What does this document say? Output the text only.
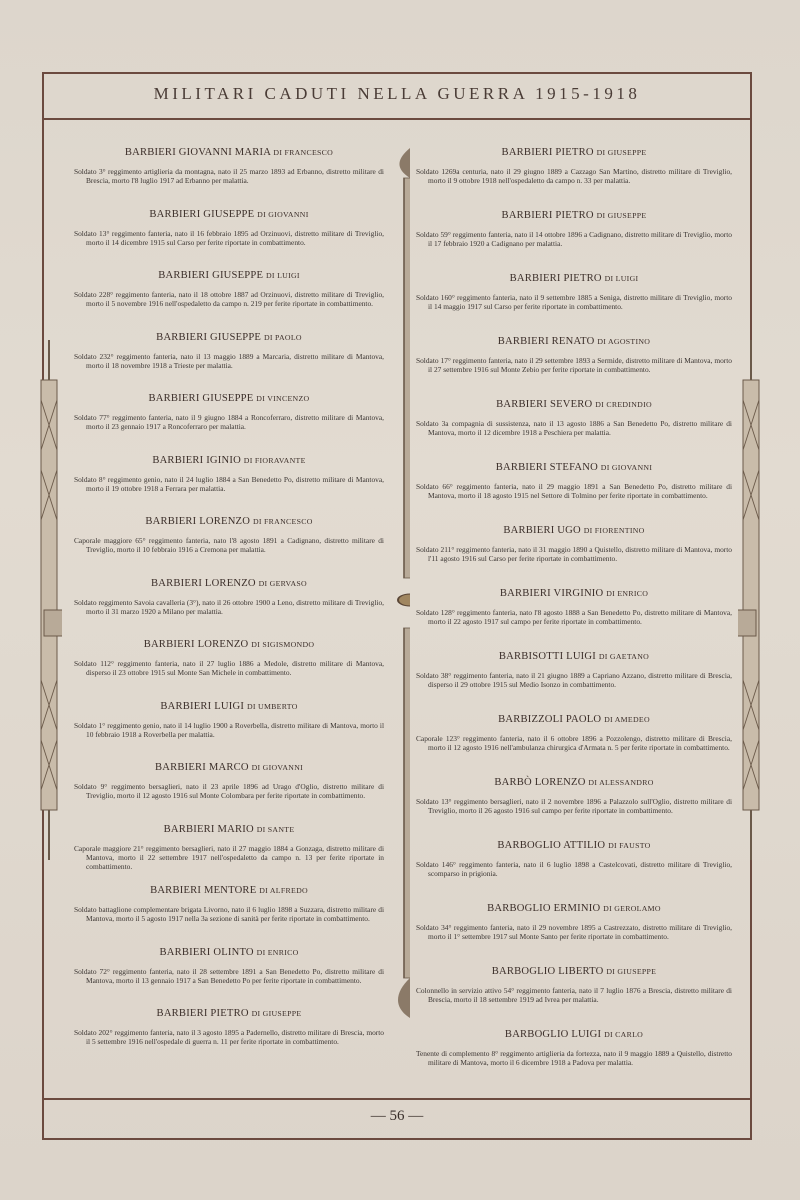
MILITARI CADUTI NELLA GUERRA 1915-1918
BARBIERI GIOVANNI MARIA DI FRANCESCO
Soldato 3° reggimento artiglieria da montagna, nato il 25 marzo 1893 ad Erbanno, distretto militare di Brescia, morto l'8 luglio 1917 ad Erbanno per malattia.
BARBIERI GIUSEPPE DI GIOVANNI
Soldato 13° reggimento fanteria, nato il 16 febbraio 1895 ad Orzinuovi, distretto militare di Treviglio, morto il 14 dicembre 1915 sul Carso per ferite riportate in combattimento.
BARBIERI GIUSEPPE DI LUIGI
Soldato 228° reggimento fanteria, nato il 18 ottobre 1887 ad Orzinuovi, distretto militare di Treviglio, morto il 5 novembre 1916 nell'ospedaletto da campo n. 219 per ferite riportate in combattimento.
BARBIERI GIUSEPPE DI PAOLO
Soldato 232° reggimento fanteria, nato il 13 maggio 1889 a Marcaria, distretto militare di Mantova, morto il 18 novembre 1918 a Trieste per malattia.
BARBIERI GIUSEPPE DI VINCENZO
Soldato 77° reggimento fanteria, nato il 9 giugno 1884 a Roncoferraro, distretto militare di Mantova, morto il 23 gennaio 1917 a Roncoferraro per malattia.
BARBIERI IGINIO DI FIORAVANTE
Soldato 8° reggimento genio, nato il 24 luglio 1884 a San Benedetto Po, distretto militare di Mantova, morto il 19 ottobre 1918 a Ferrara per malattia.
BARBIERI LORENZO DI FRANCESCO
Caporale maggiore 65° reggimento fanteria, nato l'8 agosto 1891 a Cadignano, distretto militare di Treviglio, morto il 10 febbraio 1916 a Cremona per malattia.
BARBIERI LORENZO DI GERVASO
Soldato reggimento Savoia cavalleria (3°), nato il 26 ottobre 1900 a Leno, distretto militare di Treviglio, morto il 31 marzo 1920 a Milano per malattia.
BARBIERI LORENZO DI SIGISMONDO
Soldato 112° reggimento fanteria, nato il 27 luglio 1886 a Medole, distretto militare di Mantova, disperso il 23 ottobre 1915 sul Monte San Michele in combattimento.
BARBIERI LUIGI DI UMBERTO
Soldato 1° reggimento genio, nato il 14 luglio 1900 a Roverbella, distretto militare di Mantova, morto il 10 febbraio 1918 a Roverbella per malattia.
BARBIERI MARCO DI GIOVANNI
Soldato 9° reggimento bersaglieri, nato il 23 aprile 1896 ad Urago d'Oglio, distretto militare di Treviglio, morto il 12 agosto 1916 sul Monte Colombara per ferite riportate in combattimento.
BARBIERI MARIO DI SANTE
Caporale maggiore 21° reggimento bersaglieri, nato il 27 maggio 1884 a Gonzaga, distretto militare di Mantova, morto il 22 settembre 1917 nell'ospedaletto da campo n. 13 per ferite riportate in combattimento.
BARBIERI MENTORE DI ALFREDO
Soldato battaglione complementare brigata Livorno, nato il 6 luglio 1898 a Suzzara, distretto militare di Mantova, morto il 5 agosto 1917 nella 3a sezione di sanità per ferite riportate in combattimento.
BARBIERI OLINTO DI ENRICO
Soldato 72° reggimento fanteria, nato il 28 settembre 1891 a San Benedetto Po, distretto militare di Mantova, morto il 13 gennaio 1917 a San Benedetto Po per ferite riportate in combattimento.
BARBIERI PIETRO DI GIUSEPPE
Soldato 202° reggimento fanteria, nato il 3 agosto 1895 a Padernello, distretto militare di Brescia, morto il 5 settembre 1916 nell'ospedale di guerra n. 11 per ferite riportate in combattimento.
BARBIERI PIETRO DI GIUSEPPE
Soldato 1269a centuria, nato il 29 giugno 1889 a Cazzago San Martino, distretto militare di Treviglio, morto il 9 ottobre 1918 nell'ospedaletto da campo n. 33 per malattia.
BARBIERI PIETRO DI GIUSEPPE
Soldato 59° reggimento fanteria, nato il 14 ottobre 1896 a Cadignano, distretto militare di Treviglio, morto il 17 febbraio 1920 a Cadignano per malattia.
BARBIERI PIETRO DI LUIGI
Soldato 160° reggimento fanteria, nato il 9 settembre 1885 a Seniga, distretto militare di Treviglio, morto il 14 maggio 1917 sul Carso per ferite riportate in combattimento.
BARBIERI RENATO DI AGOSTINO
Soldato 17° reggimento fanteria, nato il 29 settembre 1893 a Sermide, distretto militare di Mantova, morto il 27 settembre 1916 sul Monte Zebio per ferite riportate in combattimento.
BARBIERI SEVERO DI CREDINDIO
Soldato 3a compagnia di sussistenza, nato il 13 agosto 1886 a San Benedetto Po, distretto militare di Mantova, morto il 12 dicembre 1918 a Peschiera per malattia.
BARBIERI STEFANO DI GIOVANNI
Soldato 66° reggimento fanteria, nato il 29 maggio 1891 a San Benedetto Po, distretto militare di Mantova, morto il 18 agosto 1915 nel Settore di Tolmino per ferite riportate in combattimento.
BARBIERI UGO DI FIORENTINO
Soldato 211° reggimento fanteria, nato il 31 maggio 1890 a Quistello, distretto militare di Mantova, morto l'11 agosto 1916 sul Carso per ferite riportate in combattimento.
BARBIERI VIRGINIO DI ENRICO
Soldato 128° reggimento fanteria, nato l'8 agosto 1888 a San Benedetto Po, distretto militare di Mantova, morto il 22 agosto 1917 sul campo per ferite riportate in combattimento.
BARBISOTTI LUIGI DI GAETANO
Soldato 38° reggimento fanteria, nato il 21 giugno 1889 a Capriano Azzano, distretto militare di Brescia, disperso il 29 ottobre 1915 sul Medio Isonzo in combattimento.
BARBIZZOLI PAOLO DI AMEDEO
Caporale 123° reggimento fanteria, nato il 6 ottobre 1896 a Pozzolengo, distretto militare di Brescia, morto il 12 agosto 1916 nell'ambulanza chirurgica d'Armata n. 5 per ferite riportate in combattimento.
BARBÒ LORENZO DI ALESSANDRO
Soldato 13° reggimento bersaglieri, nato il 2 novembre 1896 a Palazzolo sull'Oglio, distretto militare di Treviglio, morto il 26 agosto 1916 sul campo per ferite riportate in combattimento.
BARBOGLIO ATTILIO DI FAUSTO
Soldato 146° reggimento fanteria, nato il 6 luglio 1898 a Castelcovati, distretto militare di Treviglio, scomparso in prigionia.
BARBOGLIO ERMINIO DI GEROLAMO
Soldato 34° reggimento fanteria, nato il 29 novembre 1895 a Castrezzato, distretto militare di Treviglio, morto il 1° settembre 1917 sul Monte Santo per ferite riportate in combattimento.
BARBOGLIO LIBERTO DI GIUSEPPE
Colonnello in servizio attivo 54° reggimento fanteria, nato il 7 luglio 1876 a Brescia, distretto militare di Brescia, morto il 18 settembre 1919 ad Ivrea per malattia.
BARBOGLIO LUIGI DI CARLO
Tenente di complemento 8° reggimento artiglieria da fortezza, nato il 9 maggio 1889 a Quistello, distretto militare di Mantova, morto il 6 dicembre 1918 a Padova per malattia.
— 56 —
